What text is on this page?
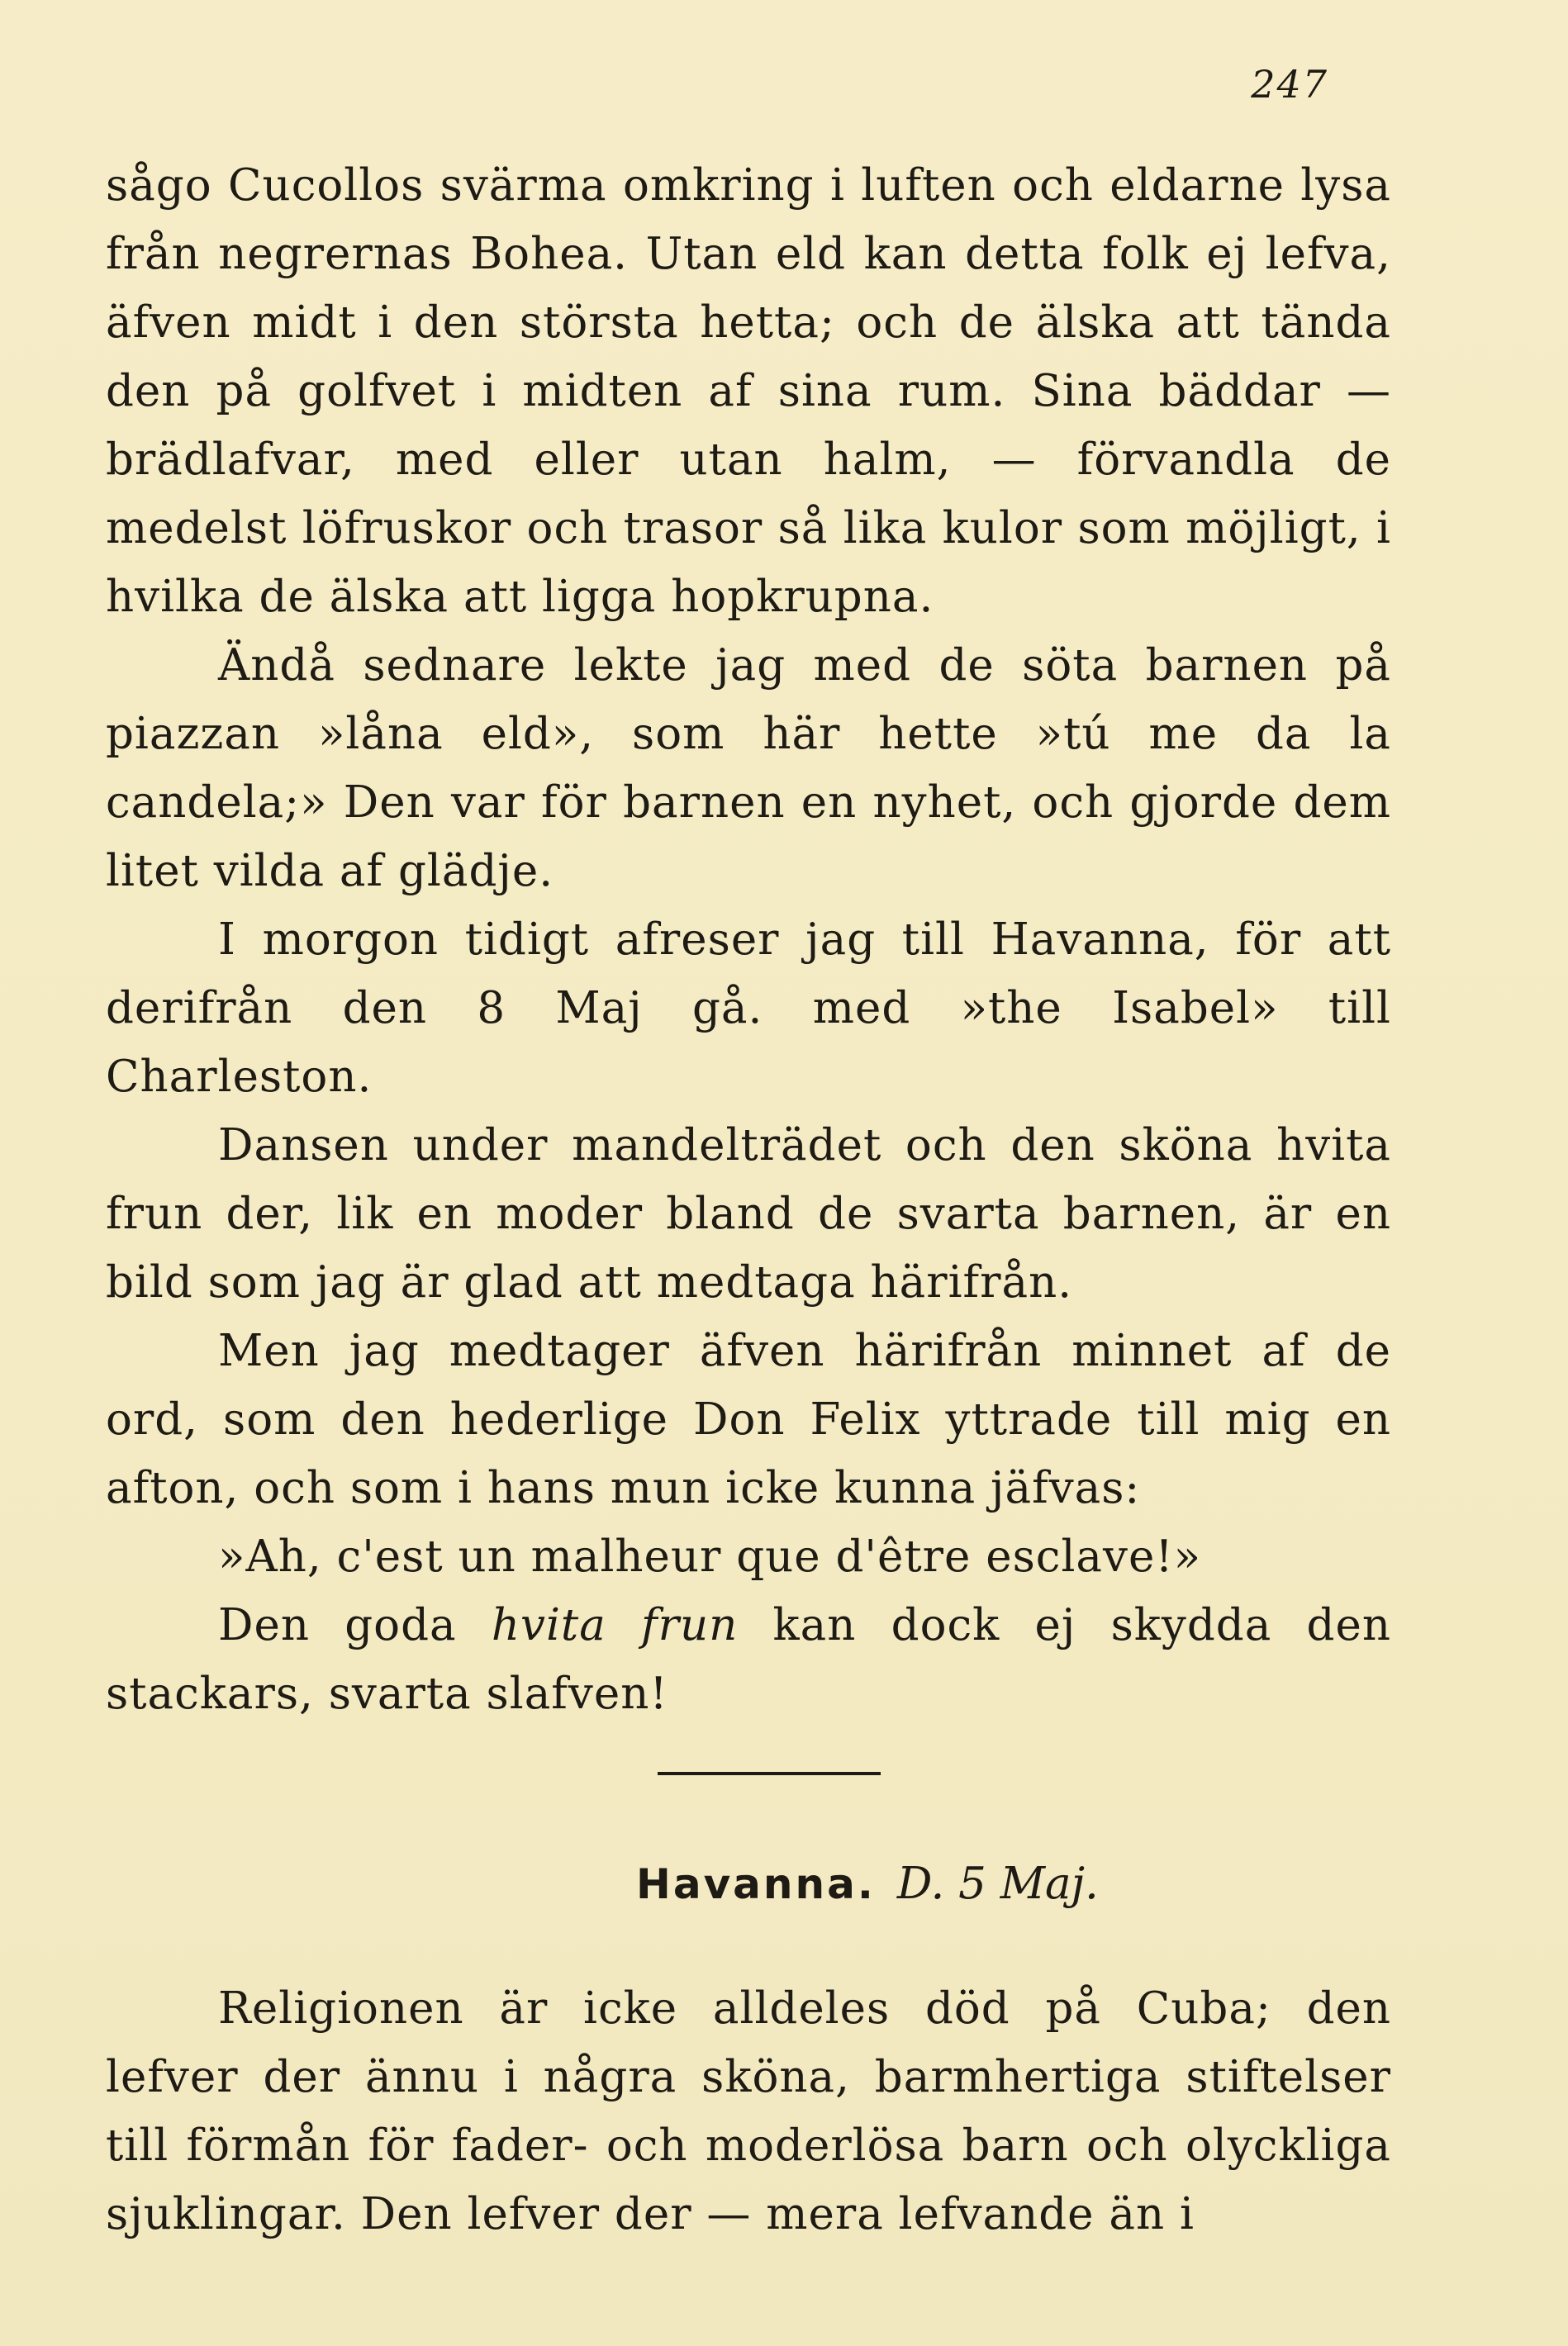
247

sågo Cucollos svärma omkring i luften och eldarne lysa från negrernas Bohea. Utan eld kan detta folk ej lefva, äfven midt i den största hetta; och de älska att tända den på golfvet i midten af sina rum. Sina bäddar — brädlafvar, med eller utan halm, — förvandla de medelst löfruskor och trasor så lika kulor som möjligt, i hvilka de älska att ligga hopkrupna.

Ändå sednare lekte jag med de söta barnen på piazzan »låna eld», som här hette »tú me da la candela;» Den var för barnen en nyhet, och gjorde dem litet vilda af glädje.

I morgon tidigt afreser jag till Havanna, för att derifrån den 8 Maj gå. med »the Isabel» till Charleston.

Dansen under mandelträdet och den sköna hvita frun der, lik en moder bland de svarta barnen, är en bild som jag är glad att medtaga härifrån.

Men jag medtager äfven härifrån minnet af de ord, som den hederlige Don Felix yttrade till mig en afton, och som i hans mun icke kunna jäfvas:

»Ah, c'est un malheur que d'être esclave!»

Den goda hvita frun kan dock ej skydda den stackars, svarta slafven!

Havanna. D. 5 Maj.

Religionen är icke alldeles död på Cuba; den lefver der ännu i några sköna, barmhertiga stiftelser till förmån för fader- och moderlösa barn och olyckliga sjuklingar. Den lefver der — mera lefvande än i
